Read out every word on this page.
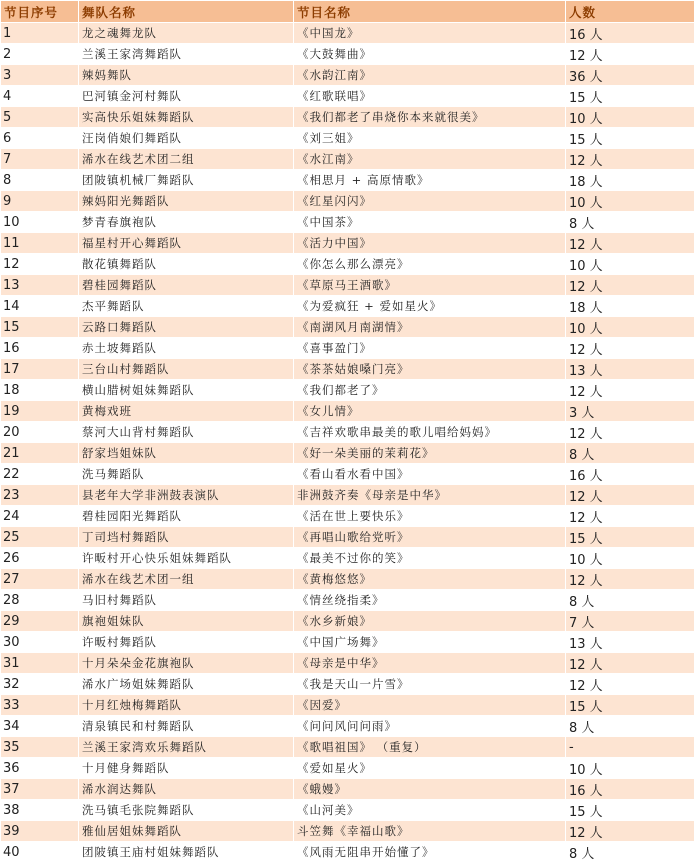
节目序号	舞队名称	节目名称	人数
1	龙之魂舞龙队	《中国龙》	16 人
2	兰溪王家湾舞蹈队	《大鼓舞曲》	12 人
3	辣妈舞队	《水韵江南》	36 人
4	巴河镇金河村舞队	《红歌联唱》	15 人
5	实高快乐姐妹舞蹈队	《我们都老了串烧你本来就很美》	10 人
6	汪岗俏娘们舞蹈队	《刘三姐》	15 人
7	浠水在线艺术团二组	《水江南》	12 人
8	团陂镇机械厂舞蹈队	《相思月 + 高原情歌》	18 人
9	辣妈阳光舞蹈队	《红星闪闪》	10 人
10	梦青春旗袍队	《中国茶》	8 人
11	福星村开心舞蹈队	《活力中国》	12 人
12	散花镇舞蹈队	《你怎么那么漂亮》	10 人
13	碧桂园舞蹈队	《草原马王酒歌》	12 人
14	杰平舞蹈队	《为爱疯狂 + 爱如星火》	18 人
15	云路口舞蹈队	《南湖风月南湖情》	10 人
16	赤土坡舞蹈队	《喜事盈门》	12 人
17	三台山村舞蹈队	《茶茶姑娘嗓门亮》	13 人
18	横山腊树姐妹舞蹈队	《我们都老了》	12 人
19	黄梅戏班	《女儿情》	3 人
20	蔡河大山背村舞蹈队	《吉祥欢歌串最美的歌儿唱给妈妈》	12 人
21	舒家垱姐妹队	《好一朵美丽的茉莉花》	8 人
22	洗马舞蹈队	《看山看水看中国》	16 人
23	县老年大学非洲鼓表演队	非洲鼓齐奏《母亲是中华》	12 人
24	碧桂园阳光舞蹈队	《活在世上要快乐》	12 人
25	丁司垱村舞蹈队	《再唱山歌给党听》	15 人
26	许畈村开心快乐姐妹舞蹈队	《最美不过你的笑》	10 人
27	浠水在线艺术团一组	《黄梅悠悠》	12 人
28	马旧村舞蹈队	《情丝绕指柔》	8 人
29	旗袍姐妹队	《水乡新娘》	7 人
30	许畈村舞蹈队	《中国广场舞》	13 人
31	十月朵朵金花旗袍队	《母亲是中华》	12 人
32	浠水广场姐妹舞蹈队	《我是天山一片雪》	12 人
33	十月红烛梅舞蹈队	《因爱》	15 人
34	清泉镇民和村舞蹈队	《问问风问问雨》	8 人
35	兰溪王家湾欢乐舞蹈队	《歌唱祖国》 （重复）	-
36	十月健身舞蹈队	《爱如星火》	10 人
37	浠水润达舞队	《蛾嫚》	16 人
38	洗马镇毛张院舞蹈队	《山河美》	15 人
39	雅仙居姐妹舞蹈队	斗笠舞《幸福山歌》	12 人
40	团陂镇王庙村姐妹舞蹈队	《风雨无阻串开始懂了》	8 人
